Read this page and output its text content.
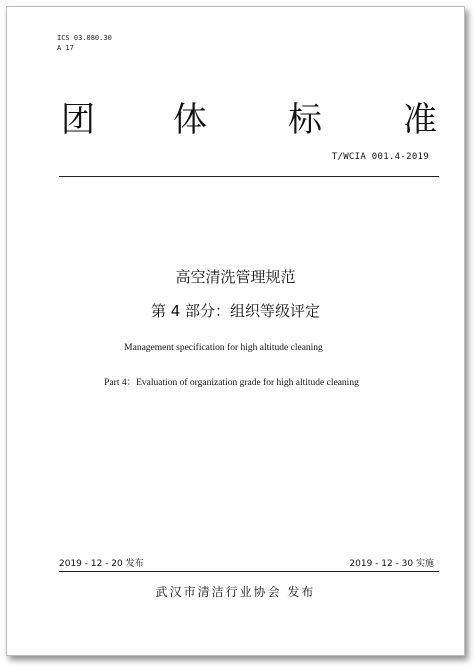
ICS 03.080.30
A 17
团 体 标 准
T/WCIA 001.4-2019
高空清洗管理规范
第 4 部分：组织等级评定
Management specification for high altitude cleaning
Part 4：Evaluation of organization grade for high altitude cleaning
2019 - 12 - 20 发布	2019 - 12 - 30 实施
武汉市清洁行业协会 发布
